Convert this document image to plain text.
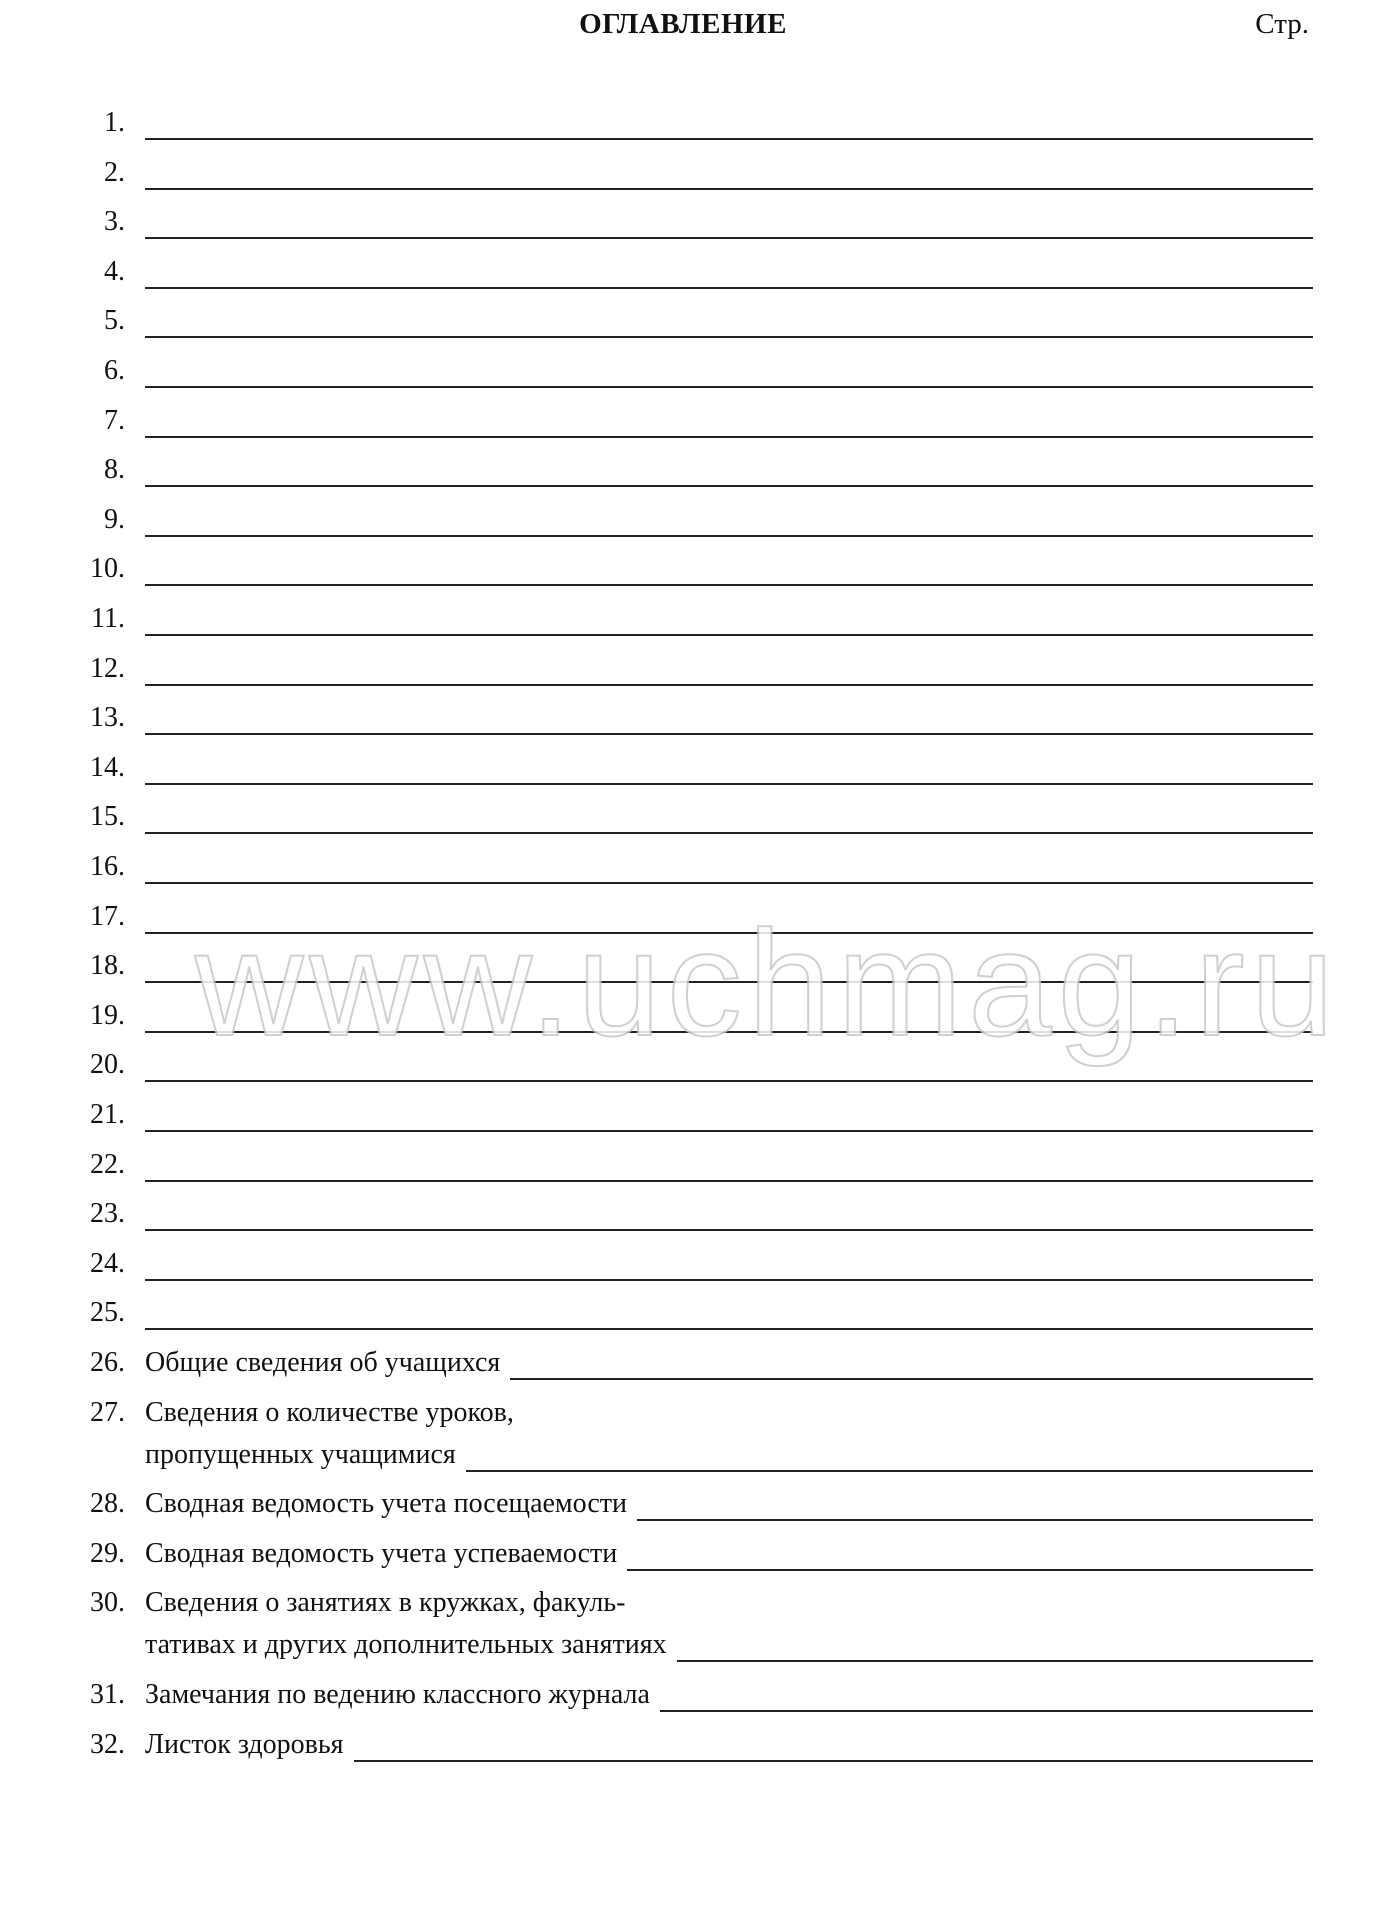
ОГЛАВЛЕНИЕ	Стр.
1.
2.
3.
4.
5.
6.
7.
8.
9.
10.
11.
12.
13.
14.
15.
16.
17.
18.
19.
20.
21.
22.
23.
24.
25.
26. Общие сведения об учащихся
27. Сведения о количестве уроков,
пропущенных учащимися
28. Сводная ведомость учета посещаемости
29. Сводная ведомость учета успеваемости
30. Сведения о занятиях в кружках, факуль-
тативах и других дополнительных занятиях
31. Замечания по ведению классного журнала
32. Листок здоровья
www.uchmag.ru
